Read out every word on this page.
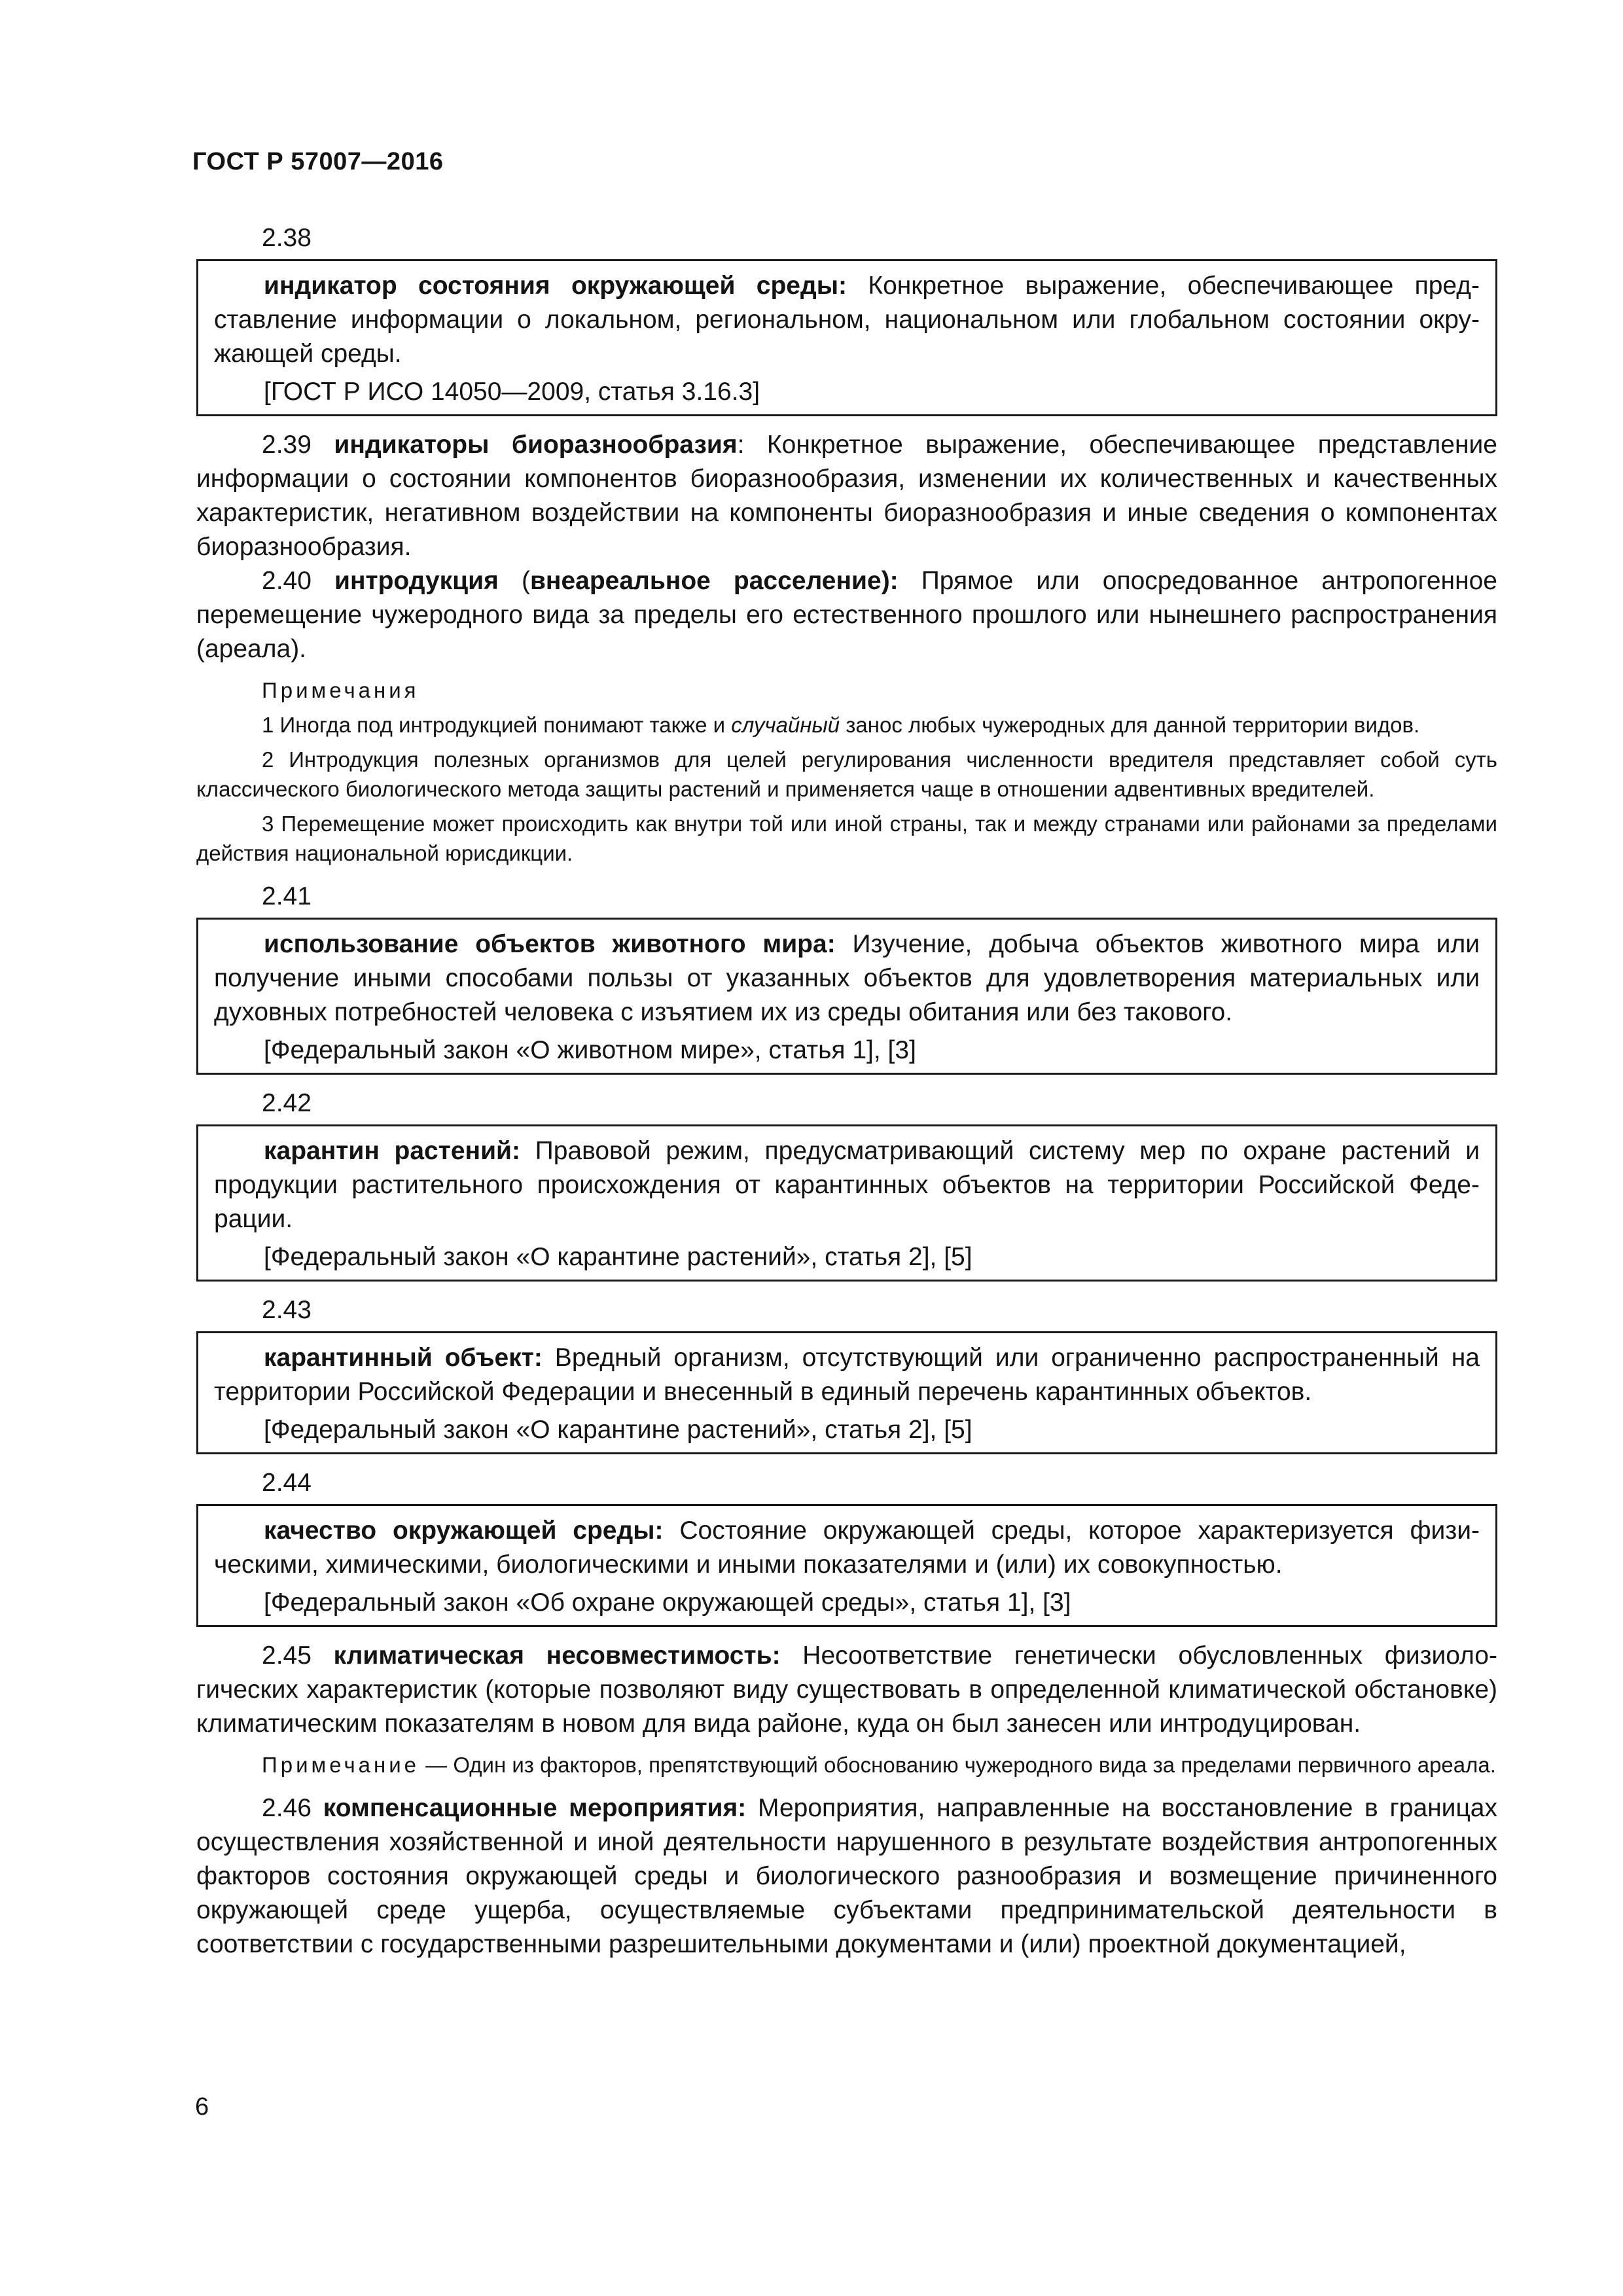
ГОСТ Р 57007—2016

2.38

индикатор состояния окружающей среды: Конкретное выражение, обеспечивающее представление информации о локальном, региональном, национальном или глобальном состоянии окружающей среды.

[ГОСТ Р ИСО 14050—2009, статья 3.16.3]

2.39 индикаторы биоразнообразия: Конкретное выражение, обеспечивающее представление информации о состоянии компонентов биоразнообразия, изменении их количественных и качественных характеристик, негативном воздействии на компоненты биоразнообразия и иные сведения о компонентах биоразнообразия.

2.40 интродукция (внеареальное расселение): Прямое или опосредованное антропогенное перемещение чужеродного вида за пределы его естественного прошлого или нынешнего распространения (ареала).

Примечания

1 Иногда под интродукцией понимают также и случайный занос любых чужеродных для данной территории видов.

2 Интродукция полезных организмов для целей регулирования численности вредителя представляет собой суть классического биологического метода защиты растений и применяется чаще в отношении адвентивных вредителей.

3 Перемещение может происходить как внутри той или иной страны, так и между странами или районами за пределами действия национальной юрисдикции.

2.41

использование объектов животного мира: Изучение, добыча объектов животного мира или получение иными способами пользы от указанных объектов для удовлетворения материальных или духовных потребностей человека с изъятием их из среды обитания или без такового.

[Федеральный закон «О животном мире», статья 1], [3]

2.42

карантин растений: Правовой режим, предусматривающий систему мер по охране растений и продукции растительного происхождения от карантинных объектов на территории Российской Федерации.

[Федеральный закон «О карантине растений», статья 2], [5]

2.43

карантинный объект: Вредный организм, отсутствующий или ограниченно распространенный на территории Российской Федерации и внесенный в единый перечень карантинных объектов.

[Федеральный закон «О карантине растений», статья 2], [5]

2.44

качество окружающей среды: Состояние окружающей среды, которое характеризуется физическими, химическими, биологическими и иными показателями и (или) их совокупностью.

[Федеральный закон «Об охране окружающей среды», статья 1], [3]

2.45 климатическая несовместимость: Несоответствие генетически обусловленных физиологических характеристик (которые позволяют виду существовать в определенной климатической обстановке) климатическим показателям в новом для вида районе, куда он был занесен или интродуцирован.

Примечание — Один из факторов, препятствующий обоснованию чужеродного вида за пределами первичного ареала.

2.46 компенсационные мероприятия: Мероприятия, направленные на восстановление в границах осуществления хозяйственной и иной деятельности нарушенного в результате воздействия антропогенных факторов состояния окружающей среды и биологического разнообразия и возмещение причиненного окружающей среде ущерба, осуществляемые субъектами предпринимательской деятельности в соответствии с государственными разрешительными документами и (или) проектной документацией,

6
